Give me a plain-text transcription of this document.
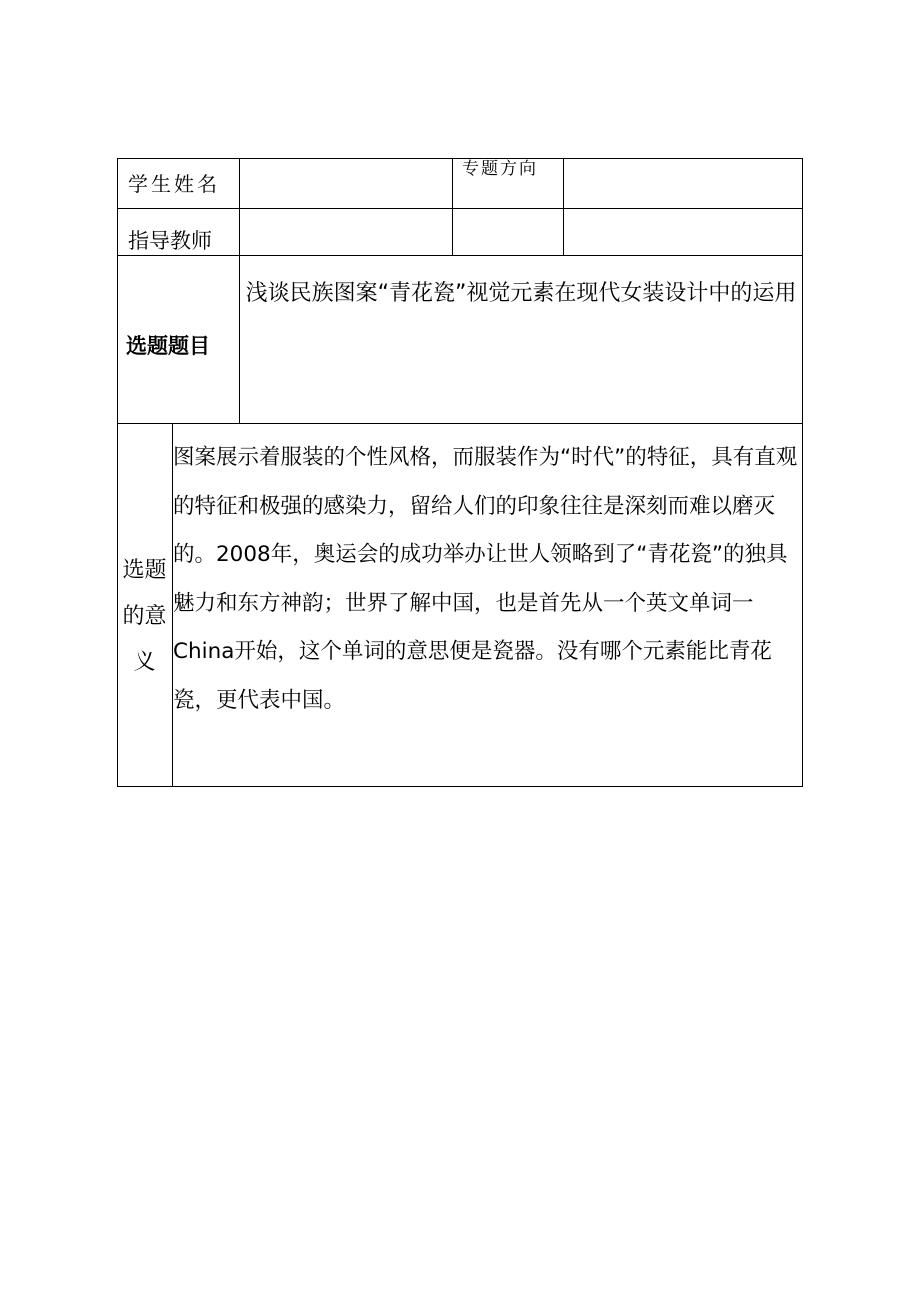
学生姓名
专题方向
指导教师
选题题目
浅谈民族图案“青花瓷”视觉元素在现代女装设计中的运用
选题的意义
图案展示着服装的个性风格，而服装作为“时代”的特征，具有直观的特征和极强的感染力，留给人们的印象往往是深刻而难以磨灭的。2008年，奥运会的成功举办让世人领略到了“青花瓷”的独具魅力和东方神韵；世界了解中国，也是首先从一个英文单词一China开始，这个单词的意思便是瓷器。没有哪个元素能比青花瓷，更代表中国。
